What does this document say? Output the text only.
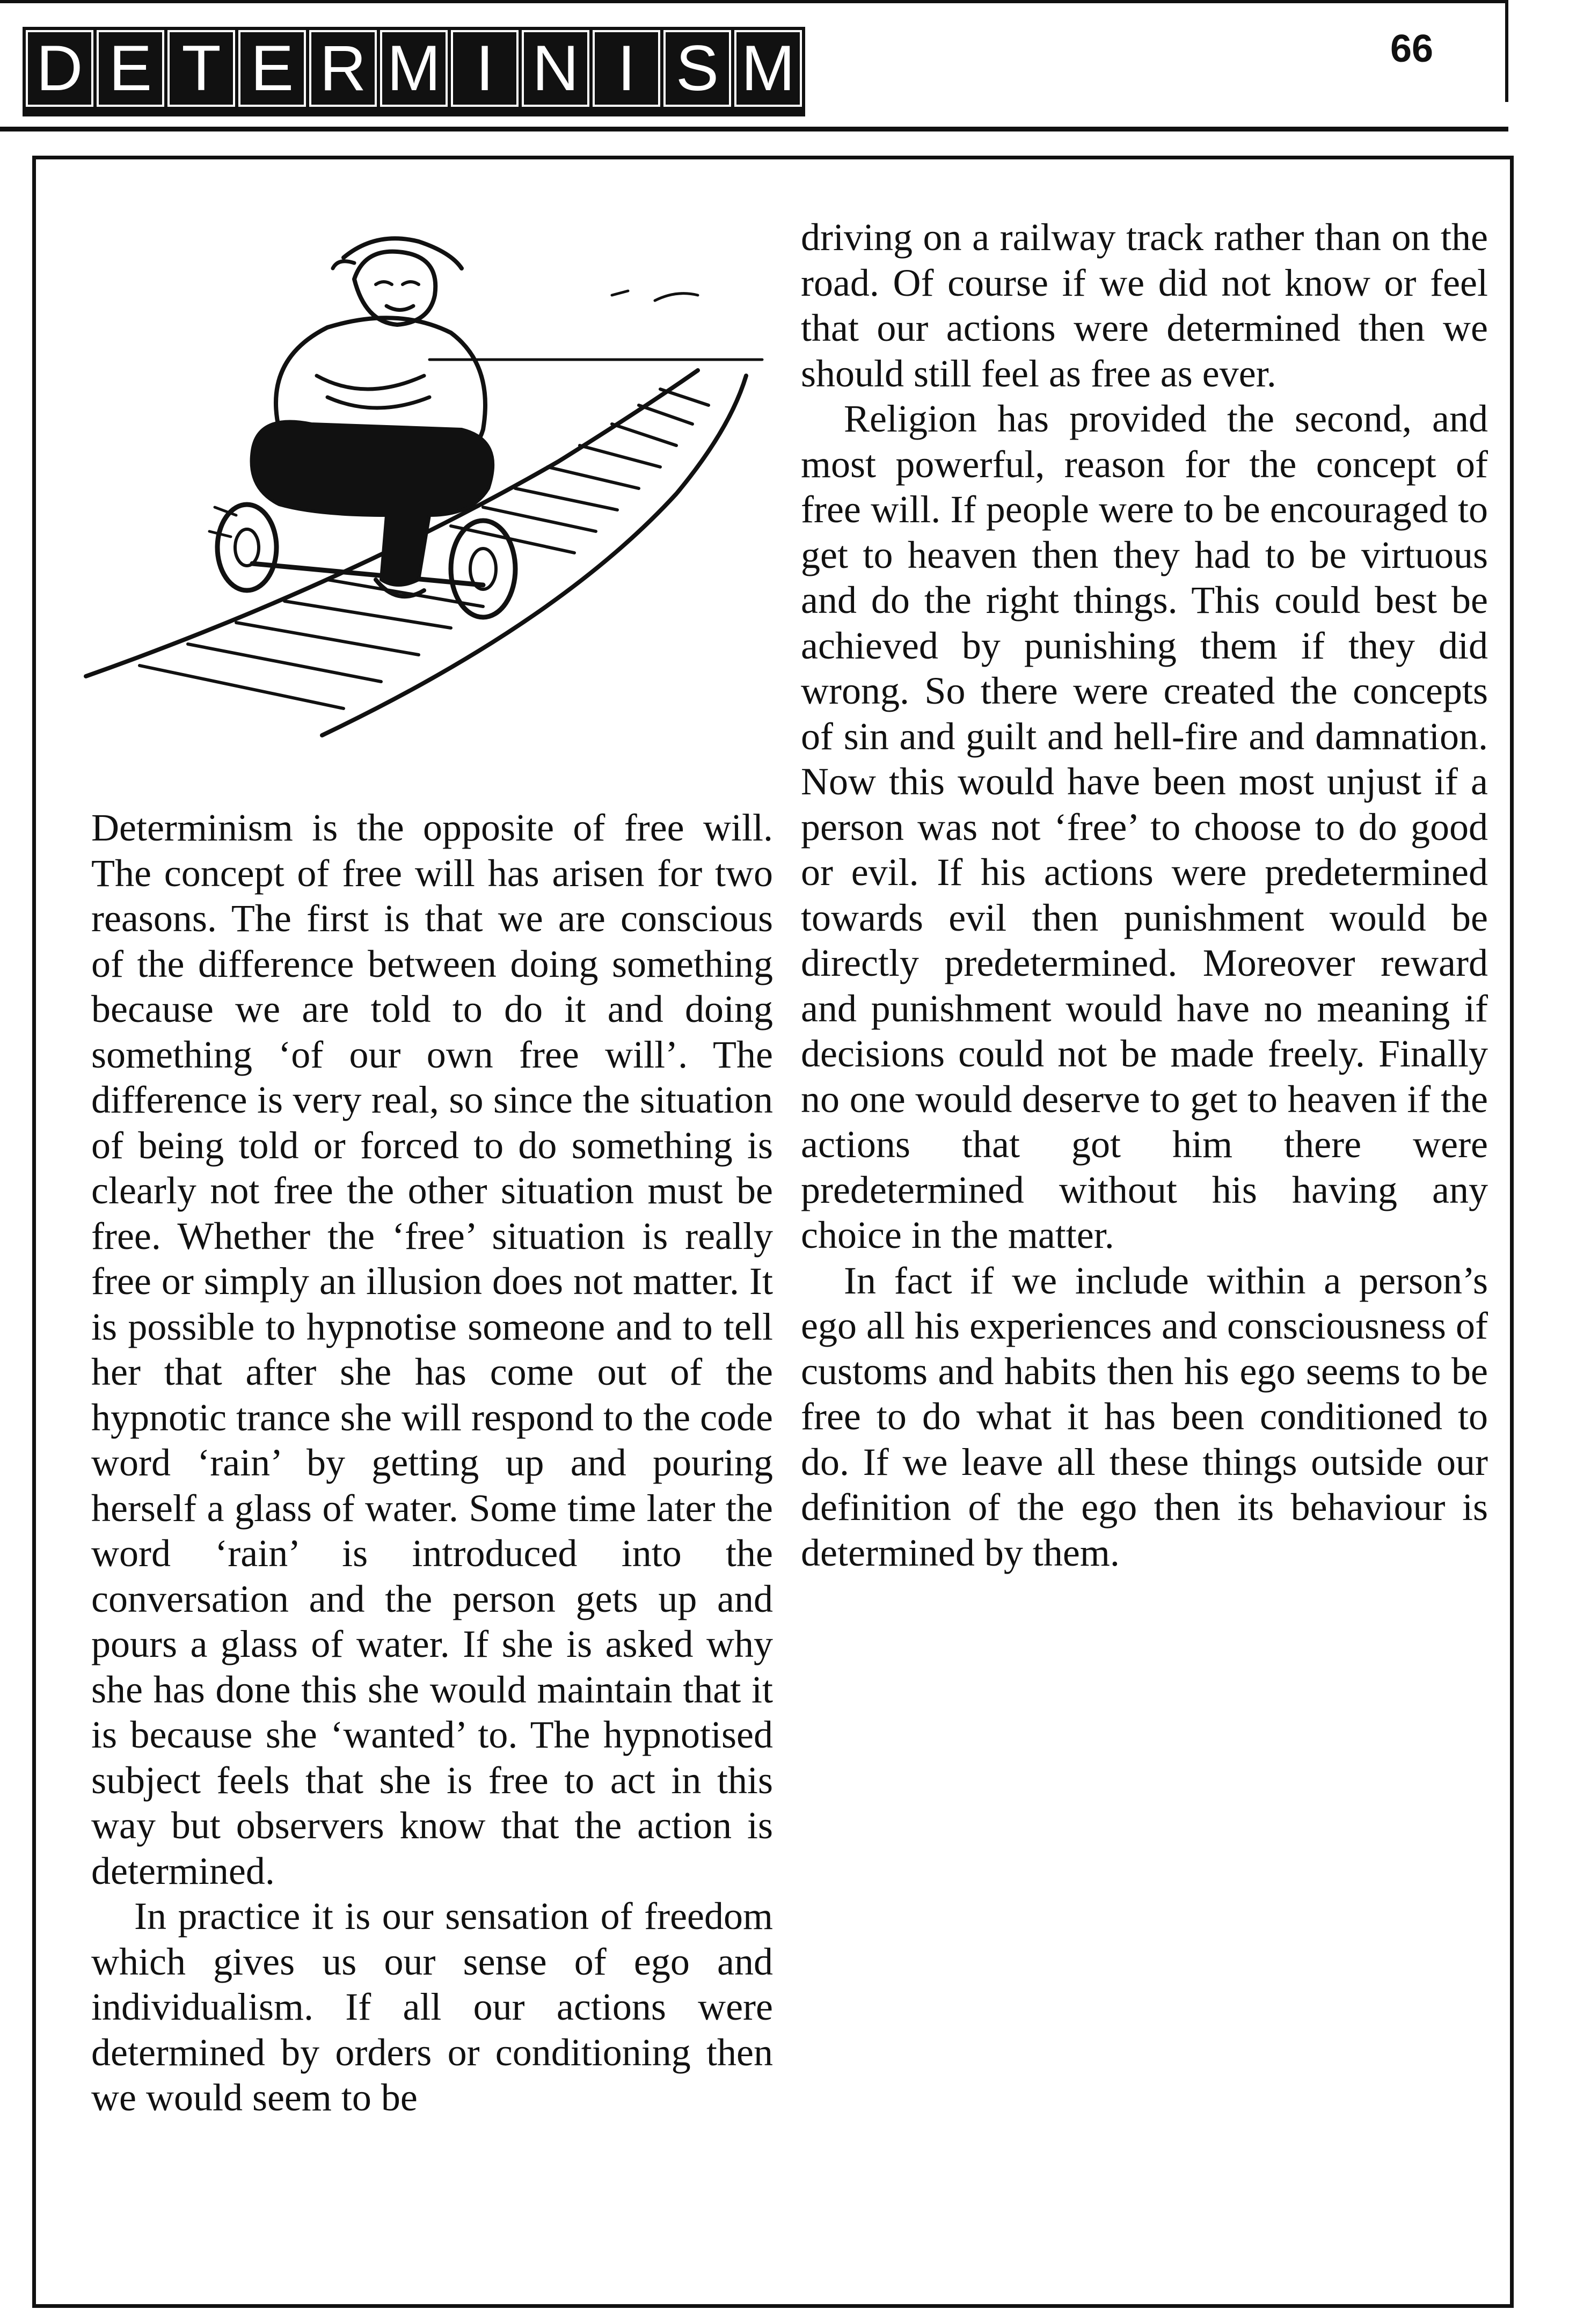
D E T E R M I N I S M	66

Determinism is the opposite of free will. The concept of free will has arisen for two reasons. The first is that we are conscious of the difference between doing something because we are told to do it and doing something ‘of our own free will’. The difference is very real, so since the situation of being told or forced to do something is clearly not free the other situation must be free. Whether the ‘free’ situation is really free or simply an illusion does not matter. It is possible to hypnotise someone and to tell her that after she has come out of the hypnotic trance she will respond to the code word ‘rain’ by getting up and pouring herself a glass of water. Some time later the word ‘rain’ is introduced into the conversation and the person gets up and pours a glass of water. If she is asked why she has done this she would maintain that it is because she ‘wanted’ to. The hypnotised subject feels that she is free to act in this way but observers know that the action is determined.

In practice it is our sensation of freedom which gives us our sense of ego and individualism. If all our actions were determined by orders or conditioning then we would seem to be

driving on a railway track rather than on the road. Of course if we did not know or feel that our actions were determined then we should still feel as free as ever.

Religion has provided the second, and most powerful, reason for the concept of free will. If people were to be encouraged to get to heaven then they had to be virtuous and do the right things. This could best be achieved by punishing them if they did wrong. So there were created the concepts of sin and guilt and hell-fire and damnation. Now this would have been most unjust if a person was not ‘free’ to choose to do good or evil. If his actions were predetermined towards evil then punishment would be directly predetermined. Moreover reward and punishment would have no meaning if decisions could not be made freely. Finally no one would deserve to get to heaven if the actions that got him there were predetermined without his having any choice in the matter.

In fact if we include within a person’s ego all his experiences and consciousness of customs and habits then his ego seems to be free to do what it has been conditioned to do. If we leave all these things outside our definition of the ego then its behaviour is determined by them.
